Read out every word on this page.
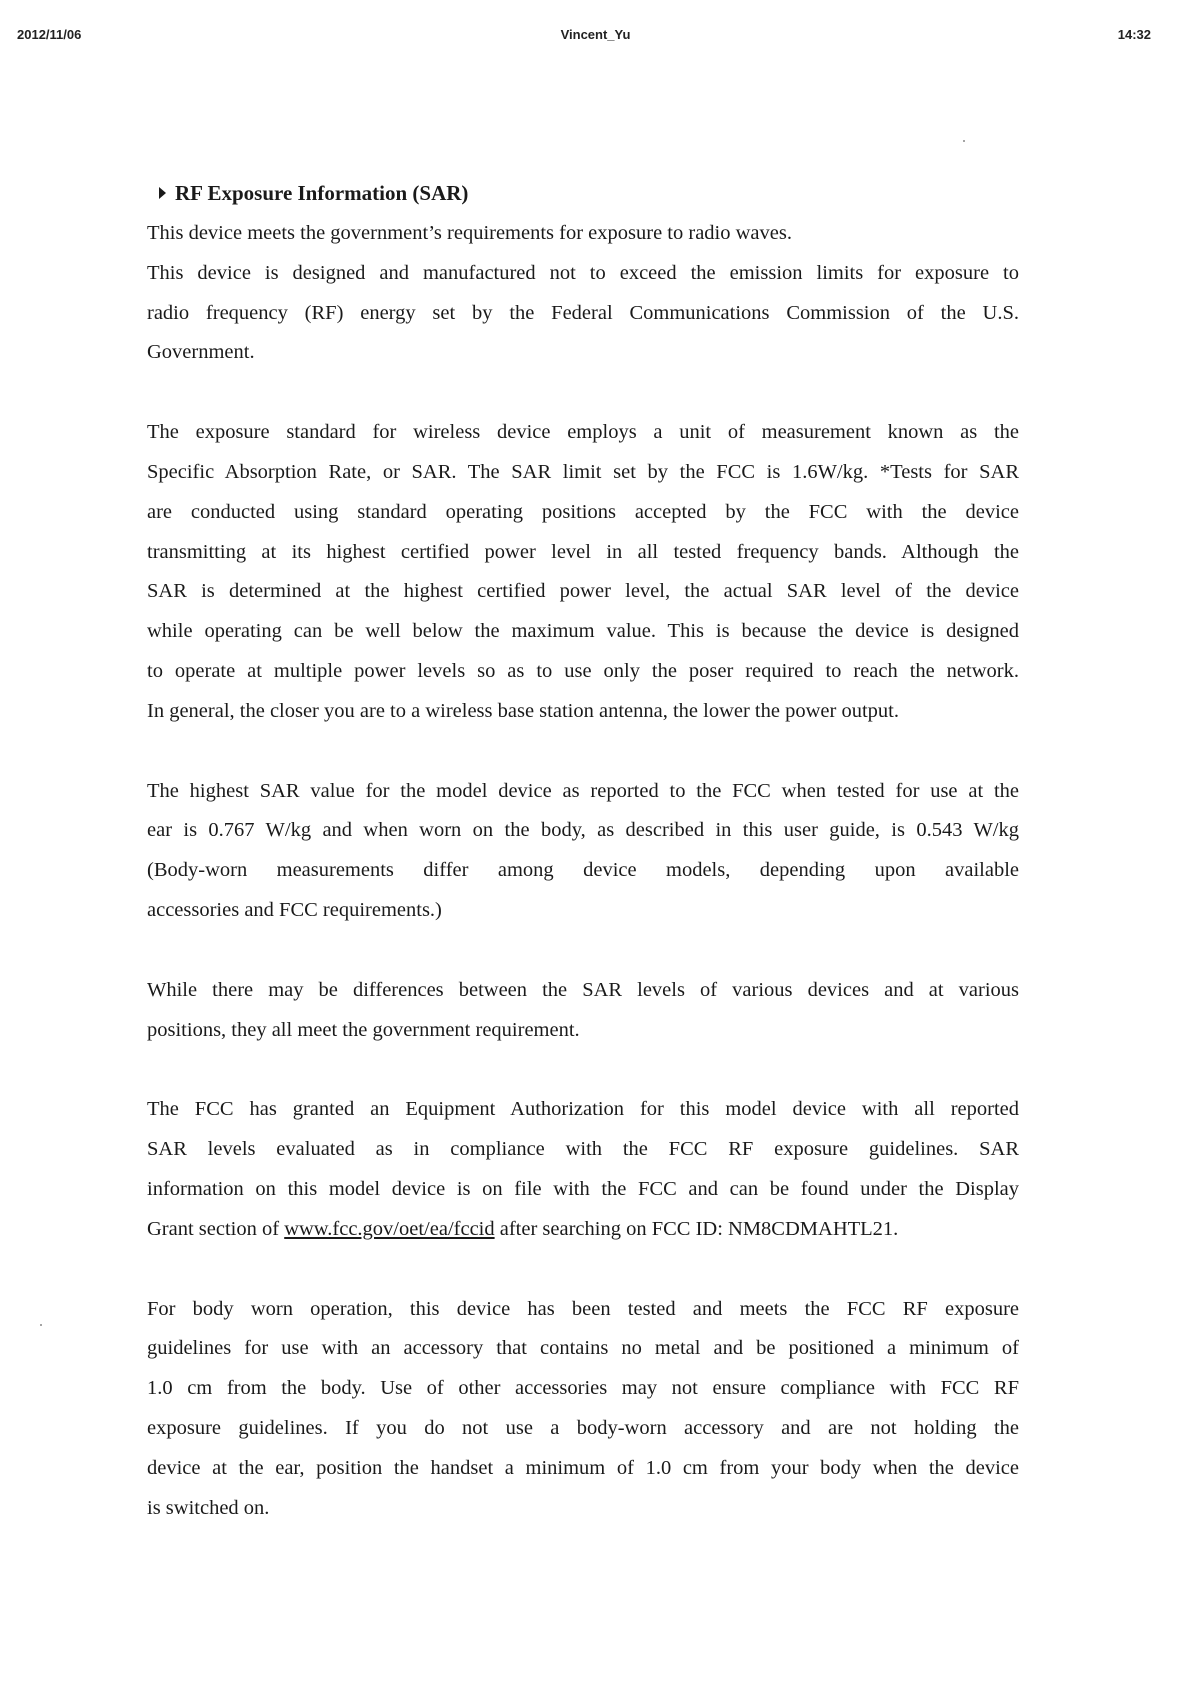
2012/11/06	Vincent_Yu	14:32
RF Exposure Information (SAR)
This device meets the government’s requirements for exposure to radio waves.
This device is designed and manufactured not to exceed the emission limits for exposure to
radio frequency (RF) energy set by the Federal Communications Commission of the U.S.
Government.
The exposure standard for wireless device employs a unit of measurement known as the
Specific Absorption Rate, or SAR. The SAR limit set by the FCC is 1.6W/kg. *Tests for SAR
are conducted using standard operating positions accepted by the FCC with the device
transmitting at its highest certified power level in all tested frequency bands. Although the
SAR is determined at the highest certified power level, the actual SAR level of the device
while operating can be well below the maximum value. This is because the device is designed
to operate at multiple power levels so as to use only the poser required to reach the network.
In general, the closer you are to a wireless base station antenna, the lower the power output.
The highest SAR value for the model device as reported to the FCC when tested for use at the
ear is 0.767 W/kg and when worn on the body, as described in this user guide, is 0.543 W/kg
(Body-worn measurements differ among device models, depending upon available
accessories and FCC requirements.)
While there may be differences between the SAR levels of various devices and at various
positions, they all meet the government requirement.
The FCC has granted an Equipment Authorization for this model device with all reported
SAR levels evaluated as in compliance with the FCC RF exposure guidelines. SAR
information on this model device is on file with the FCC and can be found under the Display
Grant section of www.fcc.gov/oet/ea/fccid after searching on FCC ID: NM8CDMAHTL21.
For body worn operation, this device has been tested and meets the FCC RF exposure
guidelines for use with an accessory that contains no metal and be positioned a minimum of
1.0 cm from the body. Use of other accessories may not ensure compliance with FCC RF
exposure guidelines. If you do not use a body-worn accessory and are not holding the
device at the ear, position the handset a minimum of 1.0 cm from your body when the device
is switched on.
